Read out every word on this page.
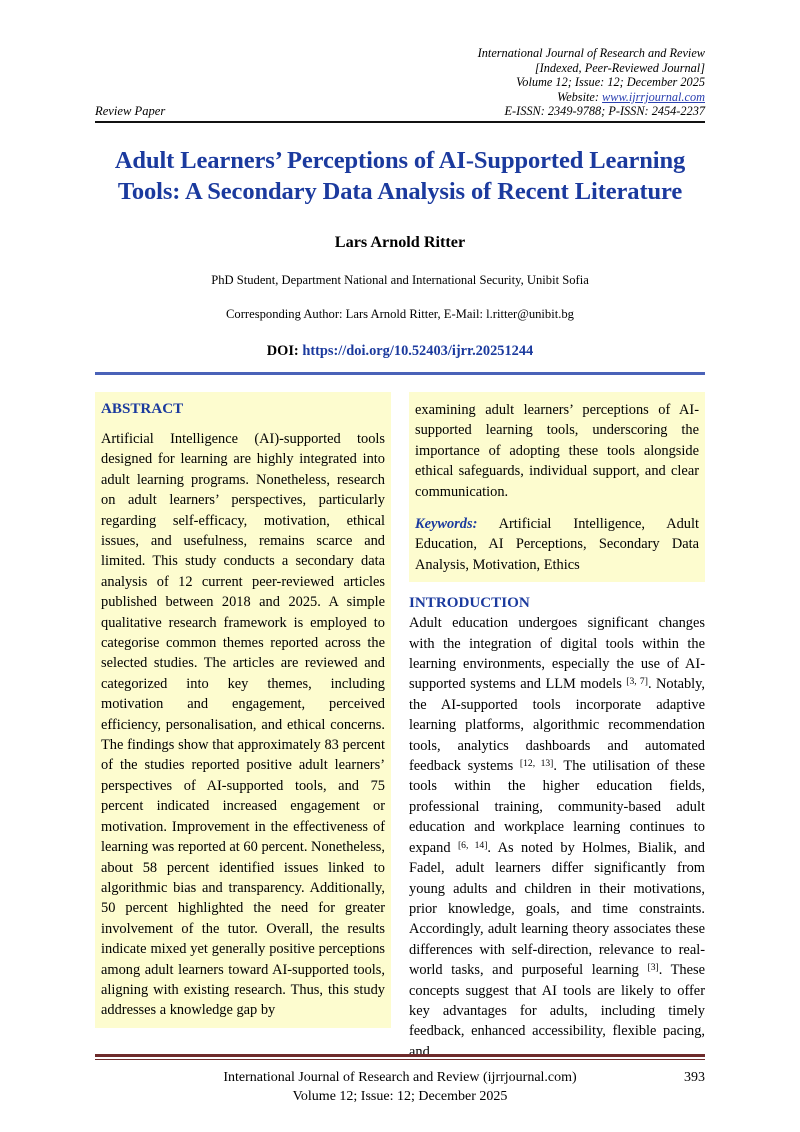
International Journal of Research and Review
[Indexed, Peer-Reviewed Journal]
Volume 12; Issue: 12; December 2025
Website: www.ijrrjournal.com
E-ISSN: 2349-9788; P-ISSN: 2454-2237
Review Paper
Adult Learners’ Perceptions of AI-Supported Learning Tools: A Secondary Data Analysis of Recent Literature
Lars Arnold Ritter
PhD Student, Department National and International Security, Unibit Sofia
Corresponding Author: Lars Arnold Ritter, E-Mail: l.ritter@unibit.bg
DOI: https://doi.org/10.52403/ijrr.20251244
ABSTRACT

Artificial Intelligence (AI)-supported tools designed for learning are highly integrated into adult learning programs. Nonetheless, research on adult learners’ perspectives, particularly regarding self-efficacy, motivation, ethical issues, and usefulness, remains scarce and limited. This study conducts a secondary data analysis of 12 current peer-reviewed articles published between 2018 and 2025. A simple qualitative research framework is employed to categorise common themes reported across the selected studies. The articles are reviewed and categorized into key themes, including motivation and engagement, perceived efficiency, personalisation, and ethical concerns. The findings show that approximately 83 percent of the studies reported positive adult learners’ perspectives of AI-supported tools, and 75 percent indicated increased engagement or motivation. Improvement in the effectiveness of learning was reported at 60 percent. Nonetheless, about 58 percent identified issues linked to algorithmic bias and transparency. Additionally, 50 percent highlighted the need for greater involvement of the tutor. Overall, the results indicate mixed yet generally positive perceptions among adult learners toward AI-supported tools, aligning with existing research. Thus, this study addresses a knowledge gap by

examining adult learners’ perceptions of AI-supported learning tools, underscoring the importance of adopting these tools alongside ethical safeguards, individual support, and clear communication.

Keywords: Artificial Intelligence, Adult Education, AI Perceptions, Secondary Data Analysis, Motivation, Ethics

INTRODUCTION

Adult education undergoes significant changes with the integration of digital tools within the learning environments, especially the use of AI-supported systems and LLM models [3, 7]. Notably, the AI-supported tools incorporate adaptive learning platforms, algorithmic recommendation tools, analytics dashboards and automated feedback systems [12, 13]. The utilisation of these tools within the higher education fields, professional training, community-based adult education and workplace learning continues to expand [6, 14]. As noted by Holmes, Bialik, and Fadel, adult learners differ significantly from young adults and children in their motivations, prior knowledge, goals, and time constraints. Accordingly, adult learning theory associates these differences with self-direction, relevance to real-world tasks, and purposeful learning [3]. These concepts suggest that AI tools are likely to offer key advantages for adults, including timely feedback, enhanced accessibility, flexible pacing, and

International Journal of Research and Review (ijrrjournal.com)
Volume 12; Issue: 12; December 2025
393
